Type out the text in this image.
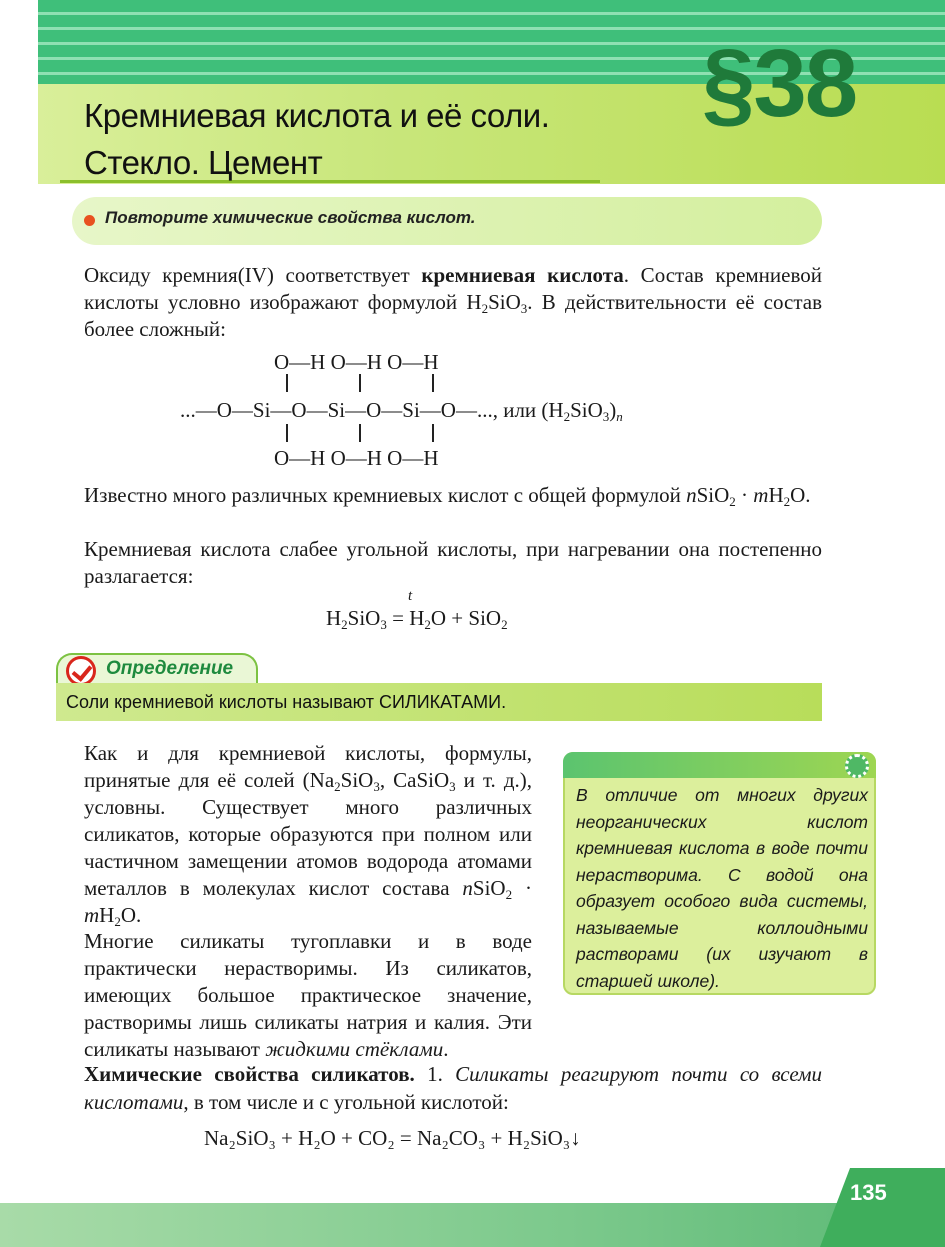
§38
Кремниевая кислота и её соли.
Стекло. Цемент
Повторите химические свойства кислот.
Оксиду кремния(IV) соответствует кремниевая кислота. Состав кремниевой кислоты условно изображают формулой $H_2SiO_3$. В действительности её состав более сложный:
O—H O—H O—H
...—O—Si—O—Si—O—Si—O—..., или $(H_2SiO_3)_n$
O—H O—H O—H
Известно много различных кремниевых кислот с общей формулой nSiO$_2$ · $mH_2O$.
Кремниевая кислота слабее угольной кислоты, при нагревании она постепенно разлагается:
t
$H_2SiO_3 = H_2O + SiO_2$
Определение
Соли кремниевой кислоты называют СИЛИКАТАМИ.
Как и для кремниевой кислоты, формулы, принятые для её солей ($Na_2SiO_3$, CaSiO$_3$ и т. д.), условны. Существует много различных силикатов, которые образуются при полном или частичном замещении атомов водорода атомами металлов в молекулах кислот состава nSiO$_2$ · $mH_2O$.
Многие силикаты тугоплавки и в воде практически нерастворимы. Из силикатов, имеющих большое практическое значение, растворимы лишь силикаты натрия и калия. Эти силикаты называют жидкими стёклами.
В отличие от многих других неорганических кислот кремниевая кислота в воде почти нерастворима. С водой она образует особого вида системы, называемые коллоидными растворами (их изучают в старшей школе).
Химические свойства силикатов. 1. Силикаты реагируют почти со всеми кислотами, в том числе и с угольной кислотой:
Na₂SiO₃ + H₂O + CO₂ = Na₂CO₃ + H₂SiO₃↓
135
